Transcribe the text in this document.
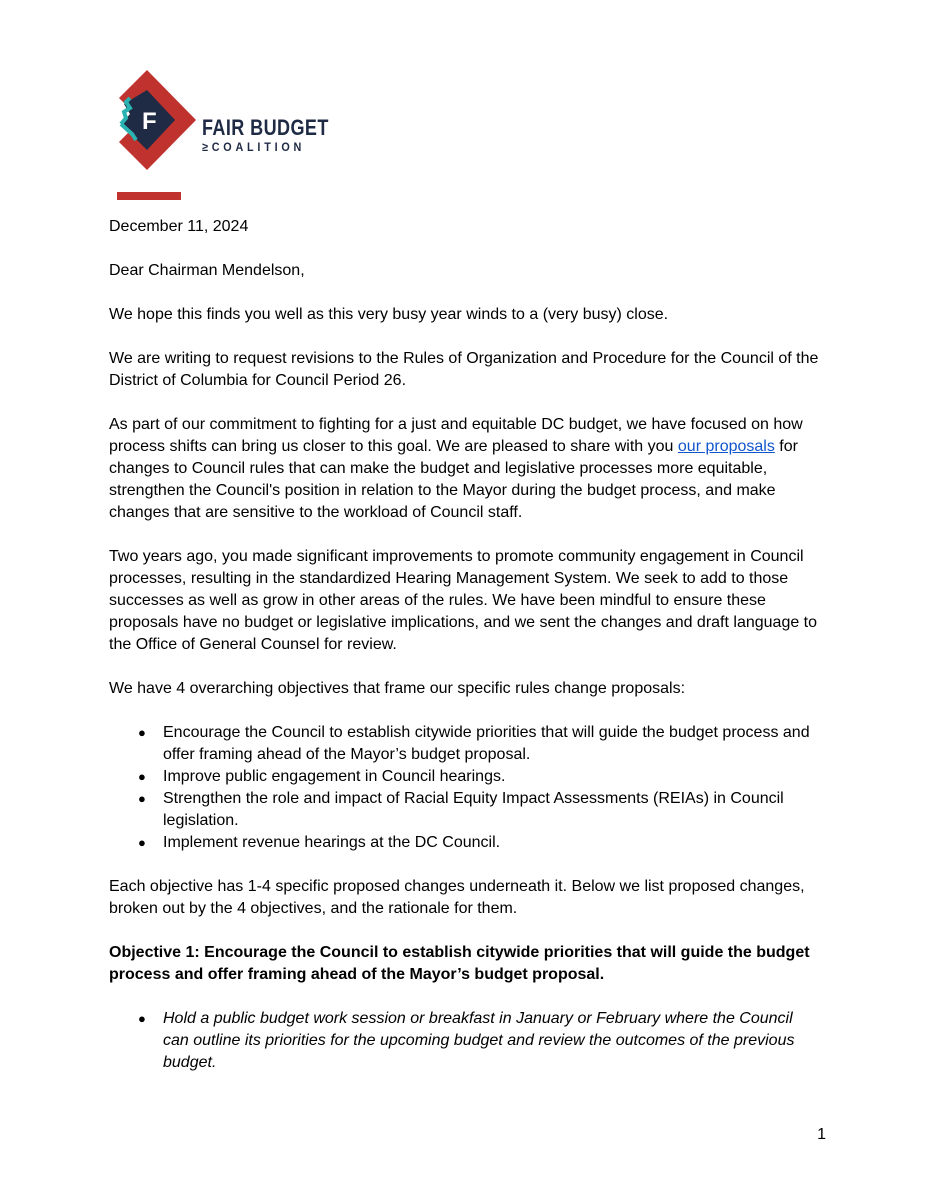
F FAIR BUDGET
≥COALITION

December 11, 2024

Dear Chairman Mendelson,

We hope this finds you well as this very busy year winds to a (very busy) close.

We are writing to request revisions to the Rules of Organization and Procedure for the Council of the District of Columbia for Council Period 26.

As part of our commitment to fighting for a just and equitable DC budget, we have focused on how process shifts can bring us closer to this goal. We are pleased to share with you our proposals for changes to Council rules that can make the budget and legislative processes more equitable, strengthen the Council's position in relation to the Mayor during the budget process, and make changes that are sensitive to the workload of Council staff.

Two years ago, you made significant improvements to promote community engagement in Council processes, resulting in the standardized Hearing Management System. We seek to add to those successes as well as grow in other areas of the rules. We have been mindful to ensure these proposals have no budget or legislative implications, and we sent the changes and draft language to the Office of General Counsel for review.

We have 4 overarching objectives that frame our specific rules change proposals:

● Encourage the Council to establish citywide priorities that will guide the budget process and offer framing ahead of the Mayor’s budget proposal.
● Improve public engagement in Council hearings.
● Strengthen the role and impact of Racial Equity Impact Assessments (REIAs) in Council legislation.
● Implement revenue hearings at the DC Council.

Each objective has 1-4 specific proposed changes underneath it. Below we list proposed changes, broken out by the 4 objectives, and the rationale for them.

Objective 1: Encourage the Council to establish citywide priorities that will guide the budget process and offer framing ahead of the Mayor’s budget proposal.

● Hold a public budget work session or breakfast in January or February where the Council can outline its priorities for the upcoming budget and review the outcomes of the previous budget.
1
